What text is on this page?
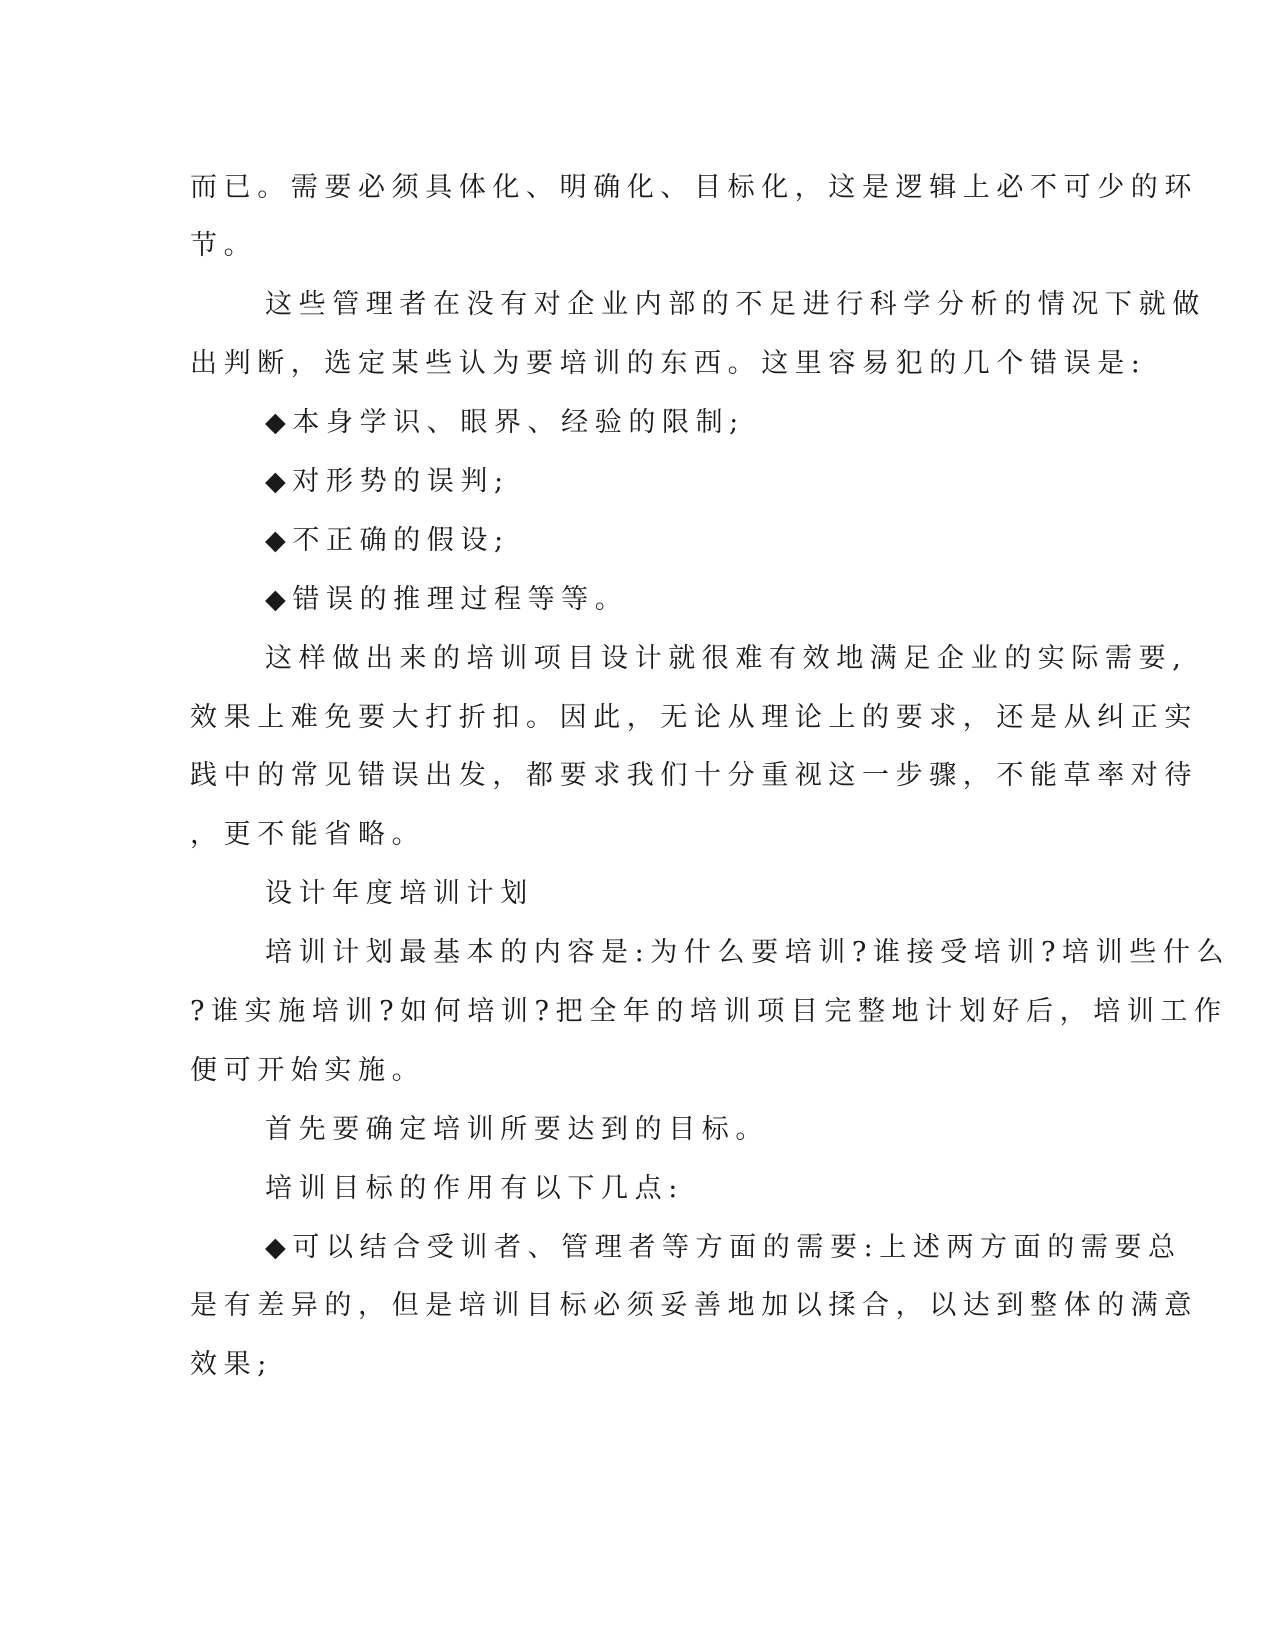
而已。需要必须具体化、明确化、目标化，这是逻辑上必不可少的环
节。
这些管理者在没有对企业内部的不足进行科学分析的情况下就做
出判断，选定某些认为要培训的东西。这里容易犯的几个错误是:
◆本身学识、眼界、经验的限制;
◆对形势的误判;
◆不正确的假设;
◆错误的推理过程等等。
这样做出来的培训项目设计就很难有效地满足企业的实际需要,
效果上难免要大打折扣。因此，无论从理论上的要求，还是从纠正实
践中的常见错误出发，都要求我们十分重视这一步骤，不能草率对待
，更不能省略。
设计年度培训计划
培训计划最基本的内容是:为什么要培训?谁接受培训?培训些什么
?谁实施培训?如何培训?把全年的培训项目完整地计划好后，培训工作
便可开始实施。
首先要确定培训所要达到的目标。
培训目标的作用有以下几点:
◆可以结合受训者、管理者等方面的需要:上述两方面的需要总
是有差异的，但是培训目标必须妥善地加以揉合，以达到整体的满意
效果;
